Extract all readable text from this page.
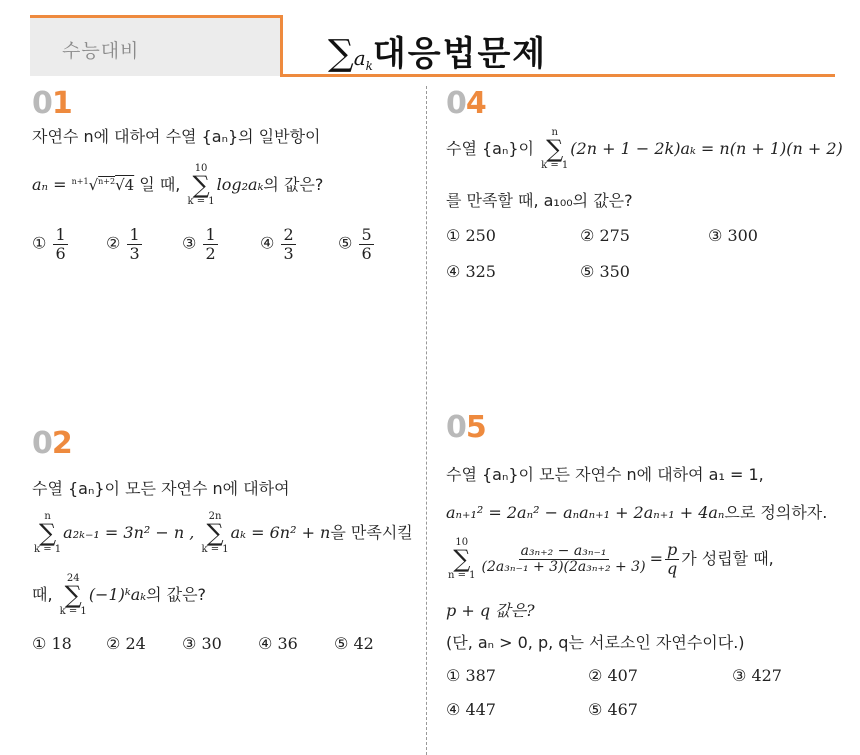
수능대비	$\sum a_k$대응법문제
01
자연수 n에 대하여 수열 {aₙ}의 일반항이
aₙ = $^{n+1}$√$^{n+2}$√4 일 때,
10
∑
k = 1
log₂aₖ의 값은?
① $\frac{1}{6}$ ② $\frac{1}{3}$	③ $\frac{1}{2}$	④ $\frac{2}{3}$	⑤ $\frac{5}{6}$
02
수열 {aₙ}이 모든 자연수 n에 대하여
n
∑
k = 1
a₂ₖ₋₁ = 3n² − n ,
2n
∑
k = 1
aₖ = 6n² + n을 만족시킬
때,
24
∑
k = 1
(−1)ᵏaₖ의 값은?
① 18 ② 24 ③ 30 ④ 36 ⑤ 42
04
수열 {aₙ}이
n
∑
k = 1
(2n + 1 − 2k)aₖ = n(n + 1)(n + 2)
를 만족할 때, a₁₀₀의 값은?
① 250	② 275	③ 300
④ 325	⑤ 350
05
수열 {aₙ}이 모든 자연수 n에 대하여 a₁ = 1,
aₙ₊₁² = 2aₙ² − aₙaₙ₊₁ + 2aₙ₊₁ + 4aₙ으로 정의하자.
10
∑
n = 1
$\frac{\text{a₃ₙ₊₂ − a₃ₙ₋₁}}{\text{(2a₃ₙ₋₁ + 3)(2a₃ₙ₊₂ + 3)}} = \frac{p}{q}$ 가 성립할 때,
p + q 값은?
(단, aₙ > 0, p, q는 서로소인 자연수이다.)
① 387	② 407	③ 427
④ 447	⑤ 467
